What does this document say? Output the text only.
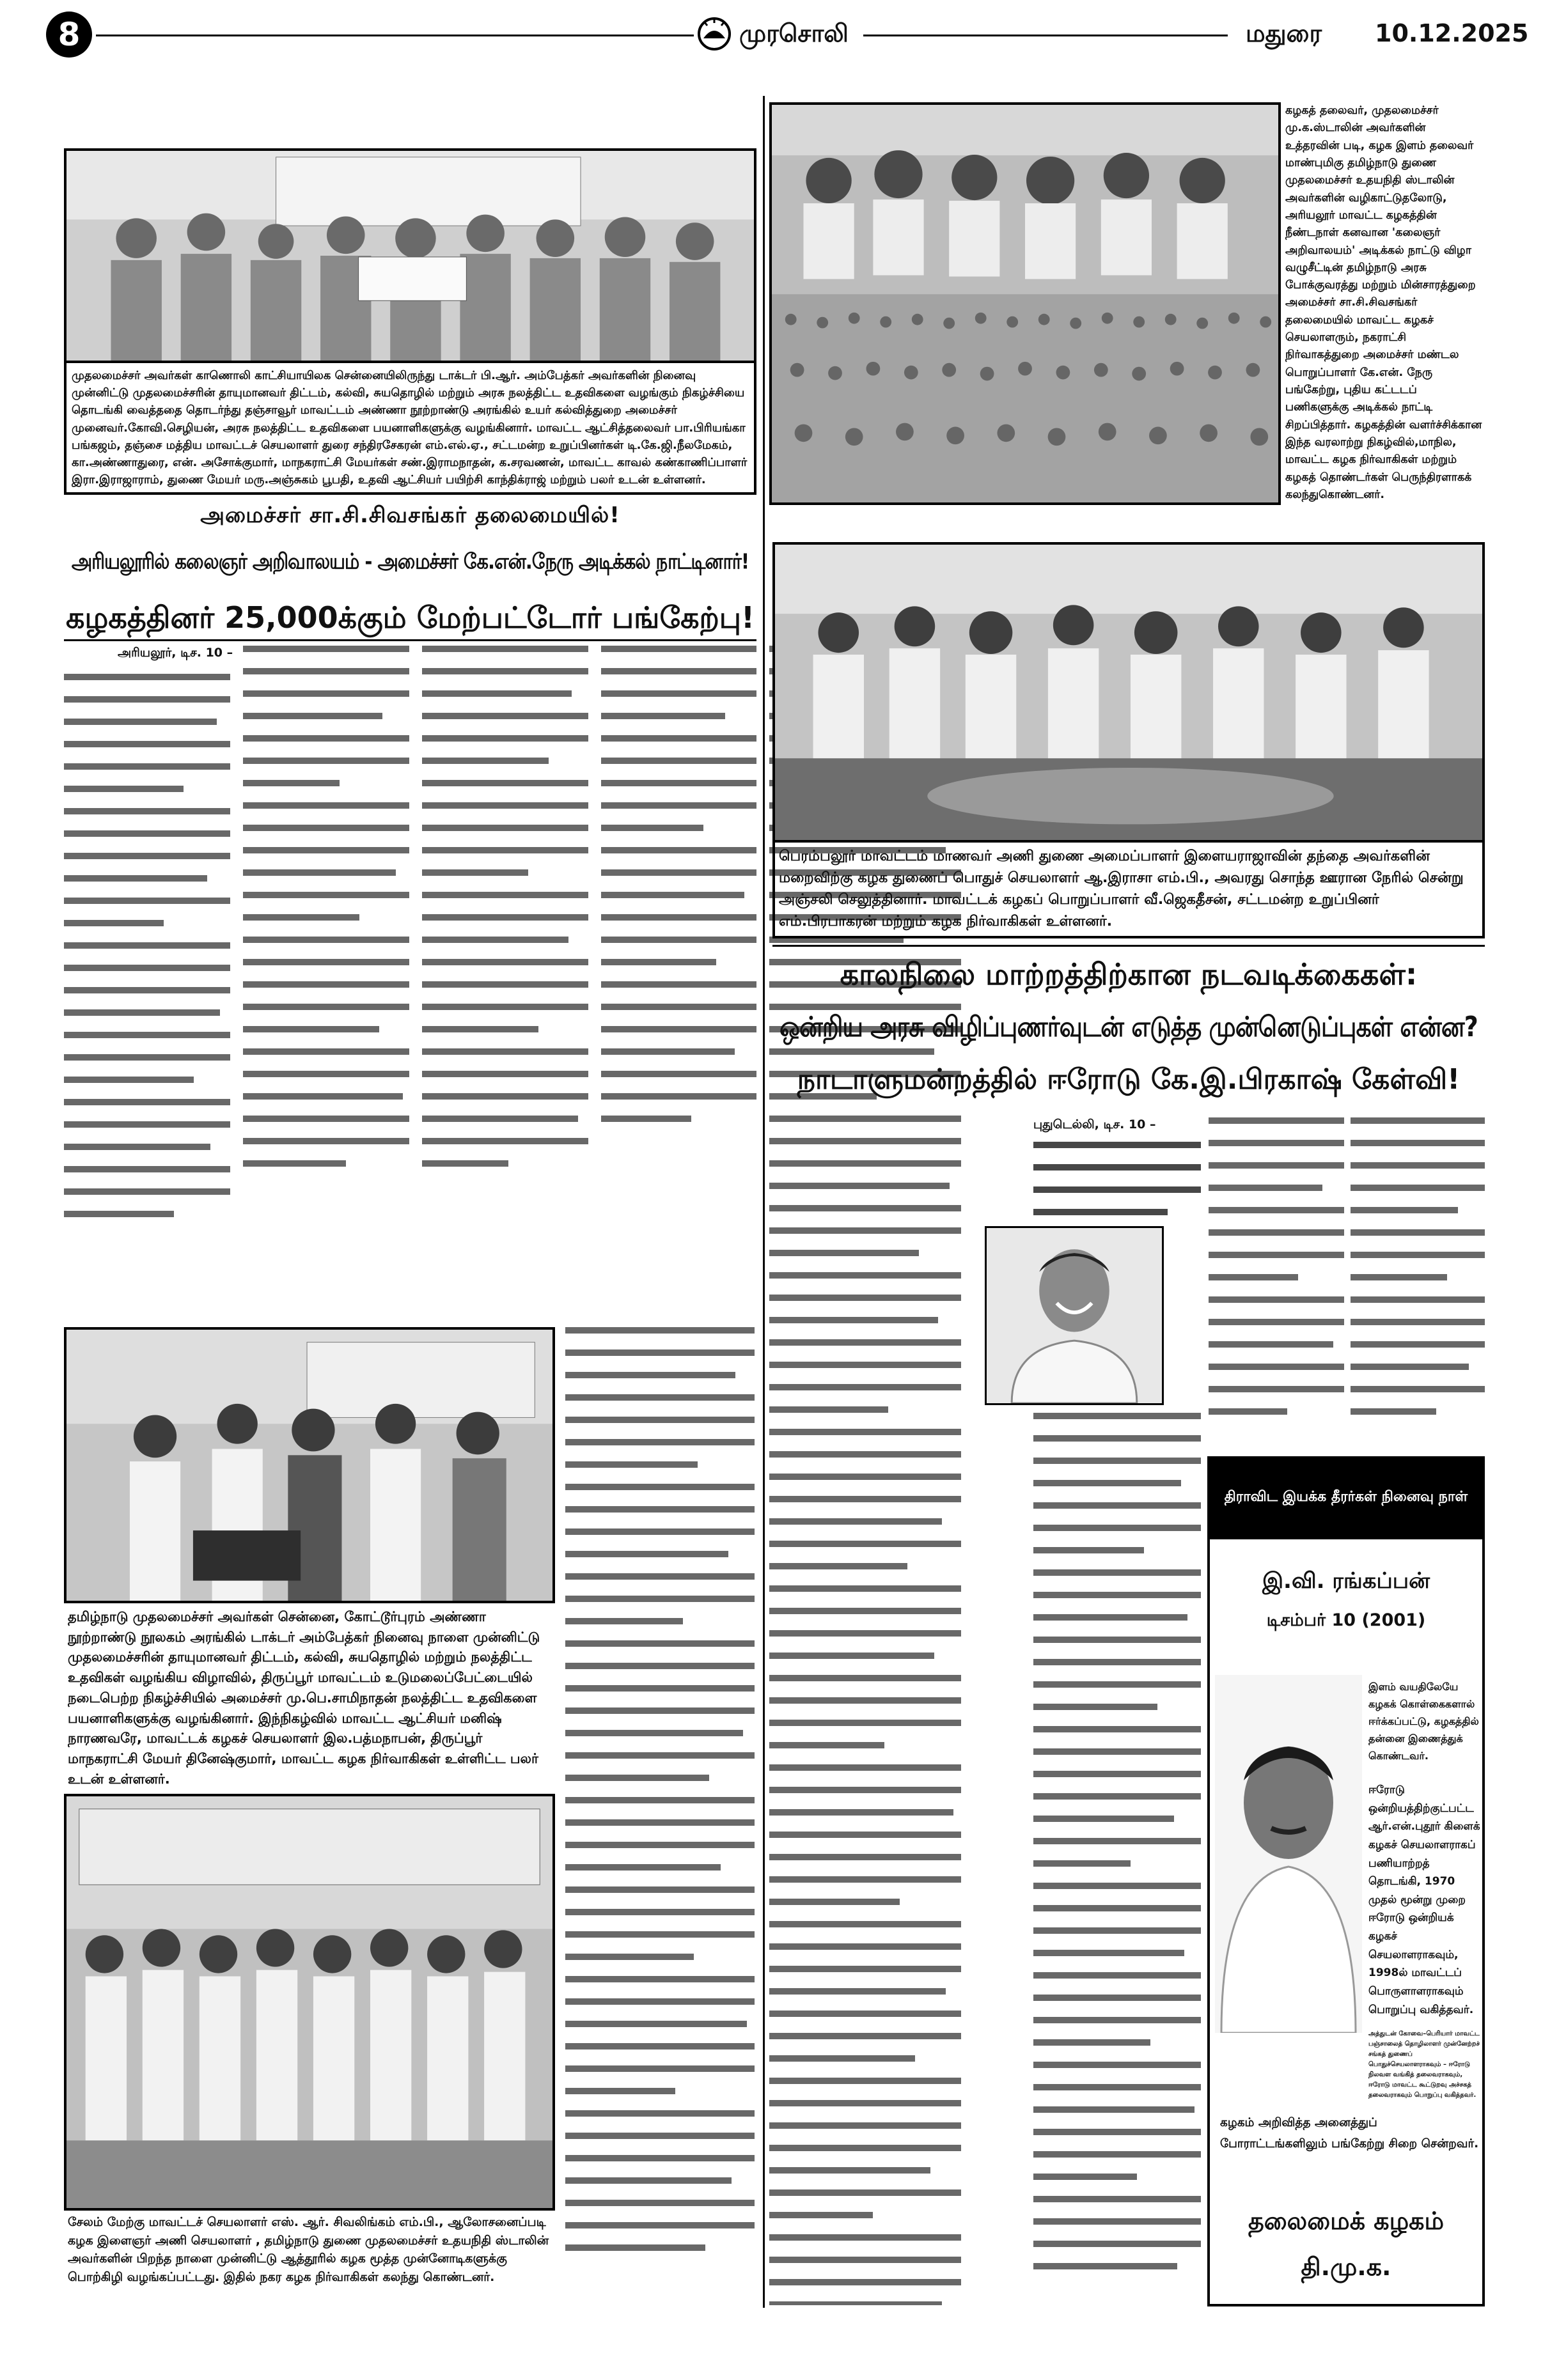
8	முரசொலி	மதுரை 10.12.2025
முதலமைச்சர் அவர்கள் காணொலி காட்சியாயிலக சென்னையிலிருந்து டாக்டர் பி.ஆர். அம்பேத்கர் அவர்களின் நினைவு முன்னிட்டு முதலமைச்சரின் தாயுமானவர் திட்டம், கல்வி, சுயதொழில் மற்றும் அரசு நலத்திட்ட உதவிகளை வழங்கும் நிகழ்ச்சியை தொடங்கி வைத்ததை தொடர்ந்து தஞ்சாவூர் மாவட்டம் அண்ணா நூற்றாண்டு அரங்கில் உயர் கல்வித்துறை அமைச்சர் முனைவர்.கோவி.செழியன், அரசு நலத்திட்ட உதவிகளை பயனாளிகளுக்கு வழங்கினார். மாவட்ட ஆட்சித்தலைவர் பா.பிரியங்கா பங்கஜம், தஞ்சை மத்திய மாவட்டச் செயலாளர் துரை சந்திரசேகரன் எம்.எல்.ஏ., சட்டமன்ற உறுப்பினர்கள் டி.கே.ஜி.நீலமேகம், கா.அண்ணாதுரை, என். அசோக்குமார், மாநகராட்சி மேயர்கள் சண்.இராமநாதன், க.சரவணன், மாவட்ட காவல் கண்காணிப்பாளர் இரா.இராஜாராம், துணை மேயர் மரு.அஞ்சுகம் பூபதி, உதவி ஆட்சியர் பயிற்சி காந்திக்ராஜ் மற்றும் பலர் உடன் உள்ளனர்.
கழகத் தலைவர், முதலமைச்சர் மு.க.ஸ்டாலின் அவர்களின் உத்தரவின் படி, கழக இளம் தலைவர் மாண்புமிகு தமிழ்நாடு துணை முதலமைச்சர் உதயநிதி ஸ்டாலின் அவர்களின் வழிகாட்டுதலோடு, அரியலூர் மாவட்ட கழகத்தின் நீண்டநாள் கனவான 'கலைஞர் அறிவாலயம்' அடிக்கல் நாட்டு விழா வழுசீட்டின் தமிழ்நாடு அரசு போக்குவரத்து மற்றும் மின்சாரத்துறை அமைச்சர் சா.சி.சிவசங்கர் தலைமையில் மாவட்ட கழகச் செயலாளரும், நகராட்சி நிர்வாகத்துறை அமைச்சர் மண்டல பொறுப்பாளர் கே.என். நேரு பங்கேற்று, புதிய கட்டடப் பணிகளுக்கு அடிக்கல் நாட்டி சிறப்பித்தார். கழகத்தின் வளர்ச்சிக்கான இந்த வரலாற்று நிகழ்வில்,மாநில, மாவட்ட கழக நிர்வாகிகள் மற்றும் கழகத் தொண்டர்கள் பெருந்திரளாகக் கலந்துகொண்டனர்.
அமைச்சர் சா.சி.சிவசங்கர் தலைமையில்!
அரியலூரில் கலைஞர் அறிவாலயம் - அமைச்சர் கே.என்.நேரு அடிக்கல் நாட்டினார்!
கழகத்தினர் 25,000க்கும் மேற்பட்டோர் பங்கேற்பு!
அரியலூர், டிச. 10 –
தமிழ்நாடு முதலமைச்சர் அவர்கள் சென்னை, கோட்டூர்புரம் அண்ணா நூற்றாண்டு நூலகம் அரங்கில் டாக்டர் அம்பேத்கர் நினைவு நாளை முன்னிட்டு முதலமைச்சரின் தாயுமானவர் திட்டம், கல்வி, சுயதொழில் மற்றும் நலத்திட்ட உதவிகள் வழங்கிய விழாவில், திருப்பூர் மாவட்டம் உடுமலைப்பேட்டையில் நடைபெற்ற நிகழ்ச்சியில் அமைச்சர் மு.பெ.சாமிநாதன் நலத்திட்ட உதவிகளை பயனாளிகளுக்கு வழங்கினார். இந்நிகழ்வில் மாவட்ட ஆட்சியர் மனிஷ் நாரணவரே, மாவட்டக் கழகச் செயலாளர் இல.பத்மநாபன், திருப்பூர் மாநகராட்சி மேயர் தினேஷ்குமார், மாவட்ட கழக நிர்வாகிகள் உள்ளிட்ட பலர் உடன் உள்ளனர்.
சேலம் மேற்கு மாவட்டச் செயலாளர் எஸ். ஆர். சிவலிங்கம் எம்.பி., ஆலோசனைப்படி கழக இளைஞர் அணி செயலாளர் , தமிழ்நாடு துணை முதலமைச்சர் உதயநிதி ஸ்டாலின் அவர்களின் பிறந்த நாளை முன்னிட்டு ஆத்தூரில் கழக மூத்த முன்னோடிகளுக்கு பொற்கிழி வழங்கப்பட்டது. இதில் நகர கழக நிர்வாகிகள் கலந்து கொண்டனர்.
பெரம்பலூர் மாவட்டம் மாணவர் அணி துணை அமைப்பாளர் இளையராஜாவின் தந்தை அவர்களின் மறைவிற்கு கழக துணைப் பொதுச் செயலாளர் ஆ.இராசா எம்.பி., அவரது சொந்த ஊரான நேரில் சென்று அஞ்சலி செலுத்தினார். மாவட்டக் கழகப் பொறுப்பாளர் வீ.ஜெகதீசன், சட்டமன்ற உறுப்பினர் எம்.பிரபாகரன் மற்றும் கழக நிர்வாகிகள் உள்ளனர்.
காலநிலை மாற்றத்திற்கான நடவடிக்கைகள்:
ஒன்றிய அரசு விழிப்புணர்வுடன் எடுத்த முன்னெடுப்புகள் என்ன?
நாடாளுமன்றத்தில் ஈரோடு கே.இ.பிரகாஷ் கேள்வி!
புதுடெல்லி, டிச. 10 –
திராவிட இயக்க தீரர்கள் நினைவு நாள்
இ.வி. ரங்கப்பன்
டிசம்பர் 10 (2001)
இளம் வயதிலேயே கழகக் கொள்கைகளால் ஈர்க்கப்பட்டு, கழகத்தில் தன்னை இணைத்துக் கொண்டவர்.
ஈரோடு ஒன்றியத்திற்குட்பட்ட ஆர்.என்.புதூர் கிளைக் கழகச் செயலாளராகப் பணியாற்றத் தொடங்கி, 1970 முதல் மூன்று முறை ஈரோடு ஒன்றியக் கழகச் செயலாளராகவும், 1998ல் மாவட்டப் பொருளாளராகவும் பொறுப்பு வகித்தவர்.
அத்துடன் கோவை–பெரியார் மாவட்ட பஞ்சாலைத் தொழிலாளர் முன்னேற்றச் சங்கத் துணைப் பொதுச்செயலாளராகவும் – ஈரோடு நிலவள வங்கித் தலைவராகவும், ஈரோடு மாவட்ட கூட்டுறவு அச்சகத் தலைவராகவும் பொறுப்பு வகித்தவர்.
கழகம் அறிவித்த அனைத்துப் போராட்டங்களிலும் பங்கேற்று சிறை சென்றவர்.
தலைமைக் கழகம்
தி.மு.க.
